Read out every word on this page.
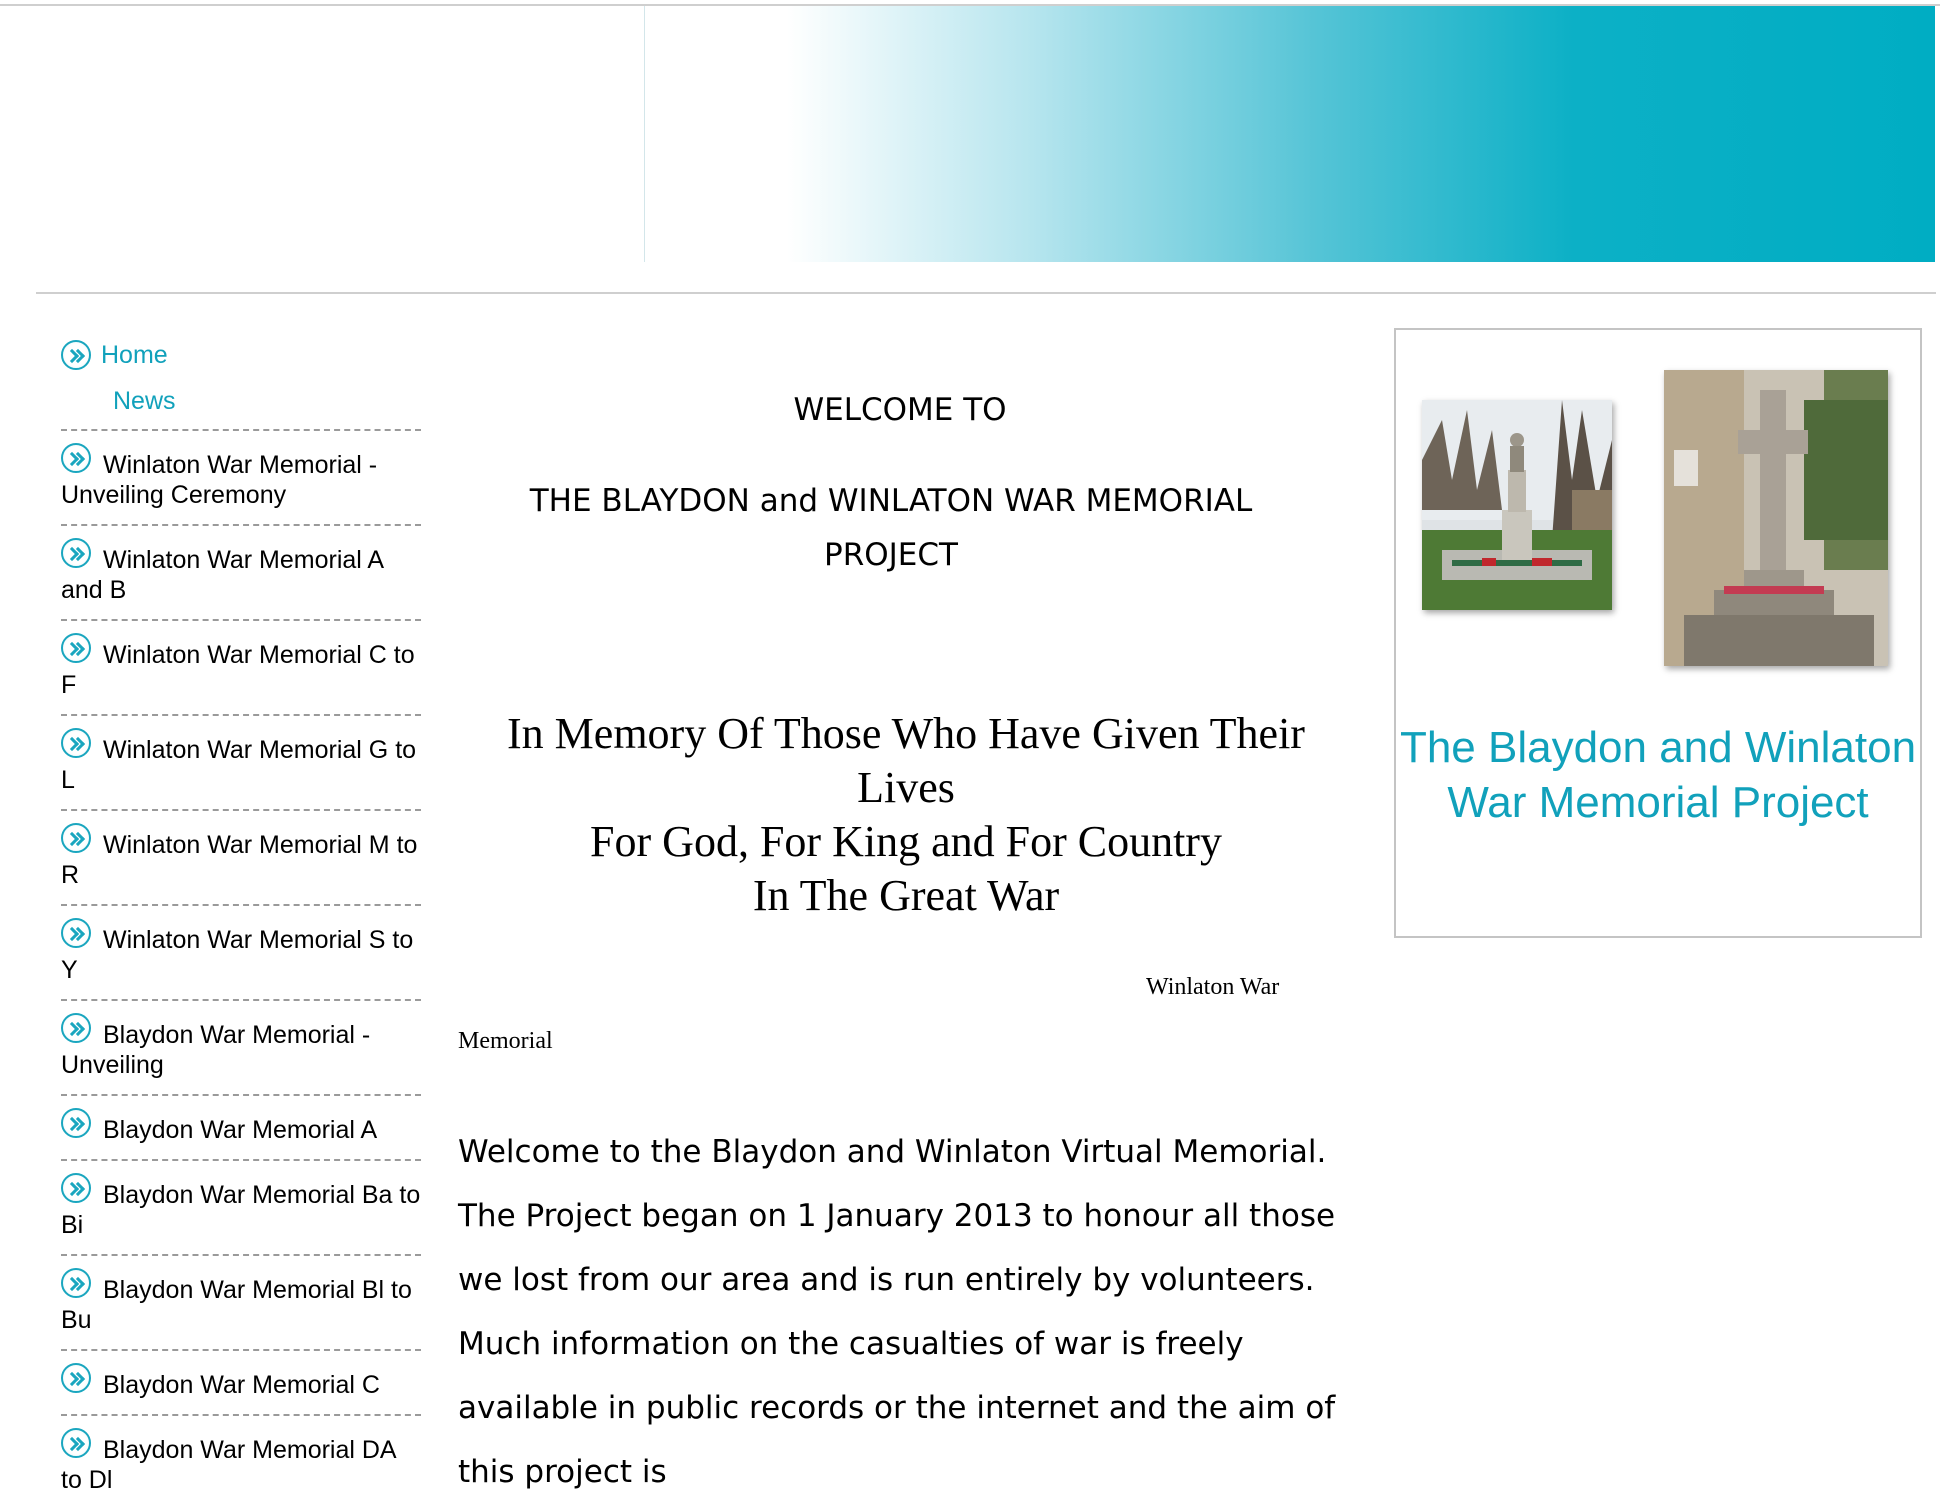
Home
News
Winlaton War Memorial - Unveiling Ceremony
Winlaton War Memorial A and B
Winlaton War Memorial C to F
Winlaton War Memorial G to L
Winlaton War Memorial M to R
Winlaton War Memorial S to Y
Blaydon War Memorial - Unveiling
Blaydon War Memorial A
Blaydon War Memorial Ba to Bi
Blaydon War Memorial Bl to Bu
Blaydon War Memorial C
Blaydon War Memorial DA to Dl
WELCOME TO
THE BLAYDON and WINLATON WAR MEMORIAL
PROJECT
In Memory Of Those Who Have Given Their
Lives
For God, For King and For Country
In The Great War
Winlaton War
Memorial
Welcome to the Blaydon and Winlaton Virtual Memorial. The Project began on 1 January 2013 to honour all those we lost from our area and is run entirely by volunteers. Much information on the casualties of war is freely available in public records or the internet and the aim of this project is
The Blaydon and Winlaton War Memorial Project
